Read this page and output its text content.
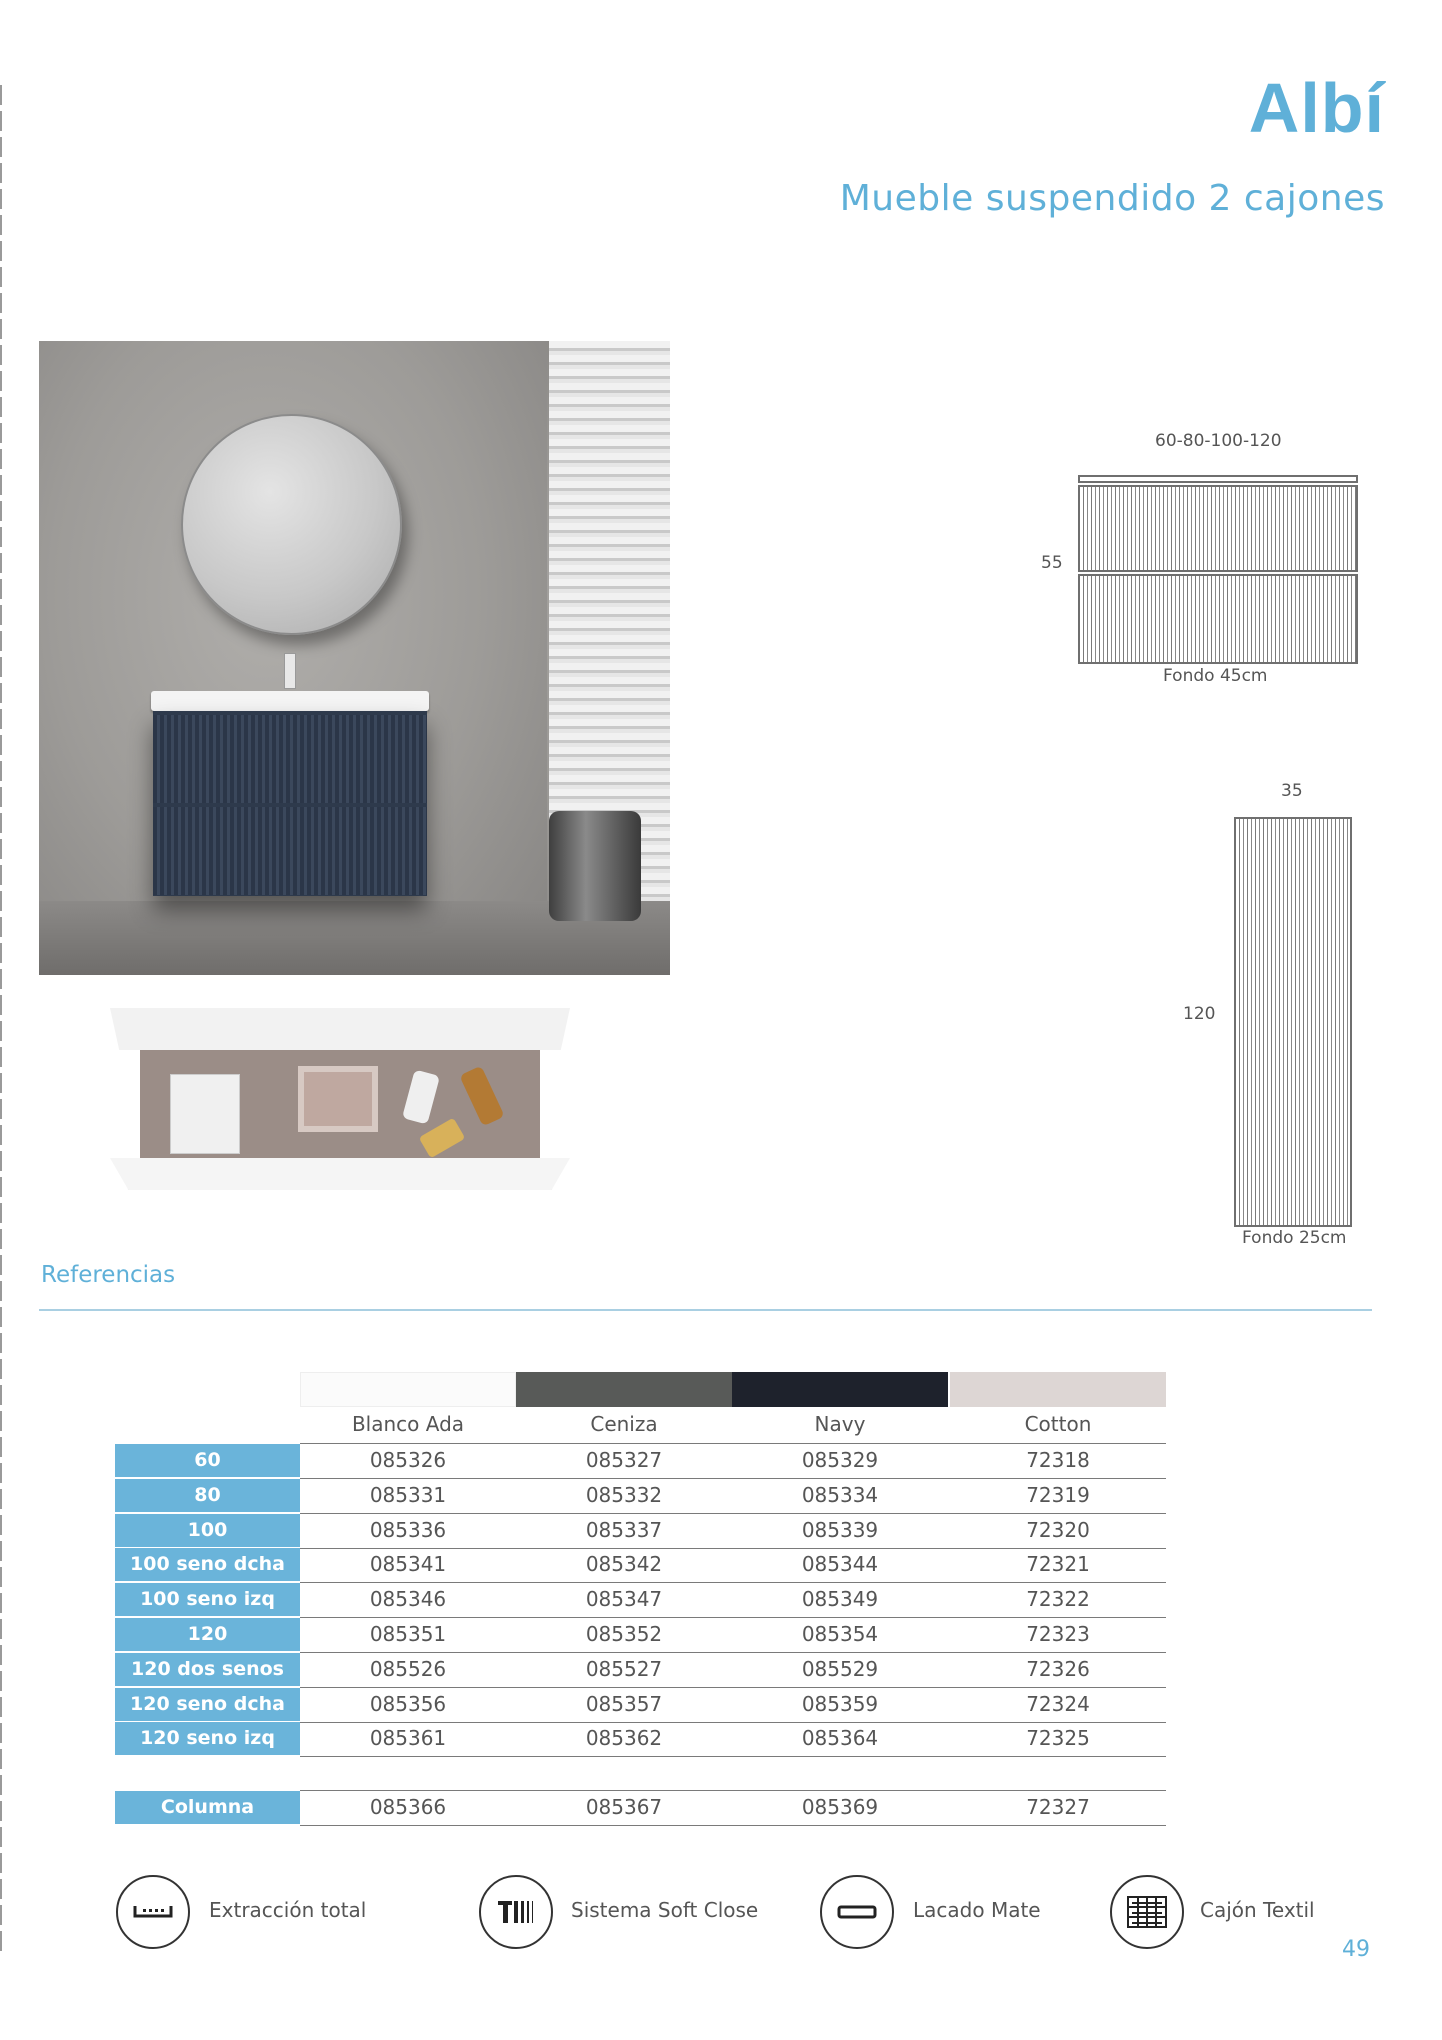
Albí
Mueble suspendido 2 cajones
60-80-100-120
55
Fondo 45cm
35
120
Fondo 25cm
Referencias
Blanco Ada	Ceniza	Navy	Cotton
60	085326	085327	085329	72318
80	085331	085332	085334	72319
100	085336	085337	085339	72320
100 seno dcha	085341	085342	085344	72321
100 seno izq	085346	085347	085349	72322
120	085351	085352	085354	72323
120 dos senos	085526	085527	085529	72326
120 seno dcha	085356	085357	085359	72324
120 seno izq	085361	085362	085364	72325
Columna	085366	085367	085369	72327
Extracción total	Sistema Soft Close	Lacado Mate	Cajón Textil
49
